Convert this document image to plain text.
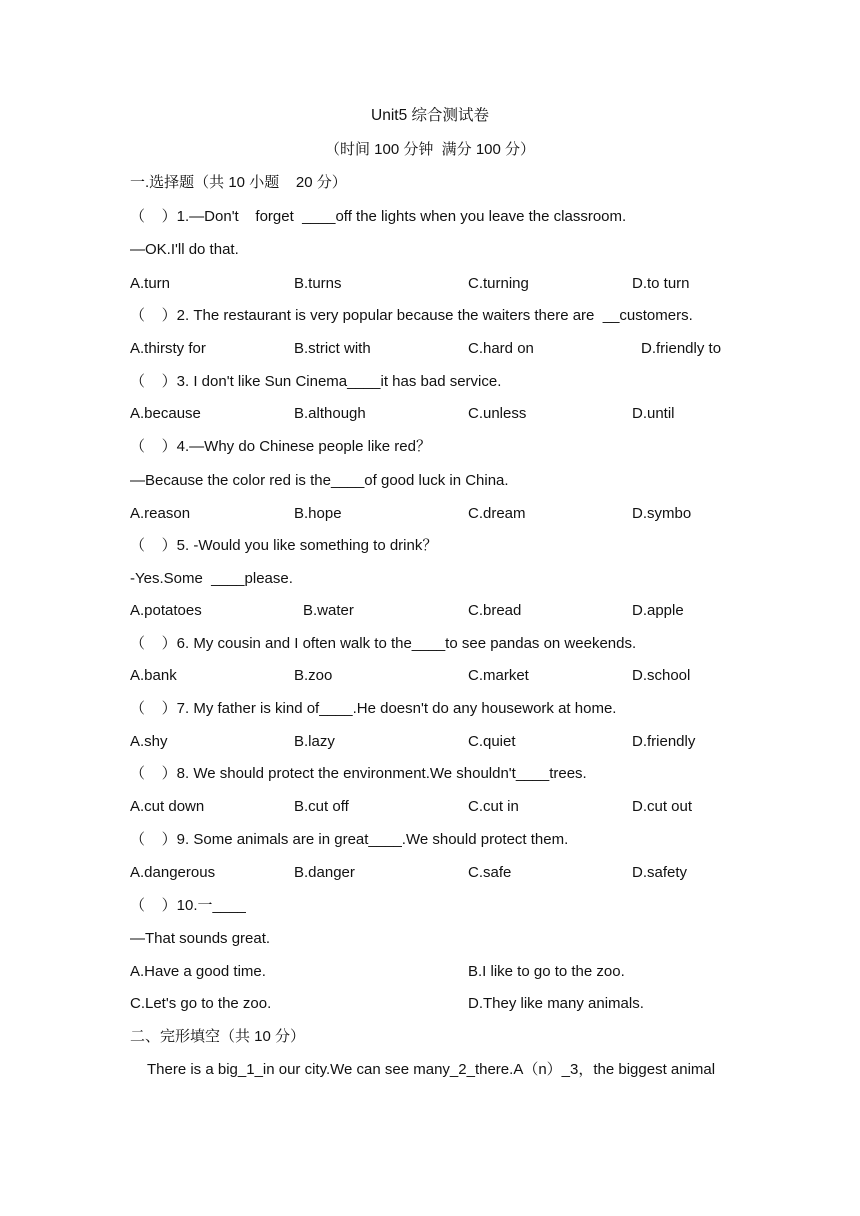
Unit5 综合测试卷
（时间 100 分钟  满分 100 分）
一.选择题（共 10 小题    20 分）
（    ）1.—Don't    forget  ____off the lights when you leave the classroom.
—OK.I'll do that.
A.turn	B.turns	C.turning	D.to turn
（    ）2. The restaurant is very popular because the waiters there are  __customers.
A.thirsty for	B.strict with	C.hard on	D.friendly to
（    ）3. I don't like Sun Cinema____it has bad service.
A.because	B.although	C.unless	D.until
（    ）4.—Why do Chinese people like red？
—Because the color red is the____of good luck in China.
A.reason	B.hope	C.dream	D.symbo
（    ）5. -Would you like something to drink？
-Yes.Some  ____please.
A.potatoes	B.water	C.bread	D.apple
（    ）6. My cousin and I often walk to the____to see pandas on weekends.
A.bank	B.zoo	C.market	D.school
（    ）7. My father is kind of____.He doesn't do any housework at home.
A.shy	B.lazy	C.quiet	D.friendly
（    ）8. We should protect the environment.We shouldn't____trees.
A.cut down	B.cut off	C.cut in	D.cut out
（    ）9. Some animals are in great____.We should protect them.
A.dangerous	B.danger	C.safe	D.safety
（    ）10.一____
—That sounds great.
A.Have a good time.	B.I like to go to the zoo.
C.Let's go to the zoo.	D.They like many animals.
二、完形填空（共 10 分）
There is a big_1_in our city.We can see many_2_there.A（n）_3，the biggest animal
